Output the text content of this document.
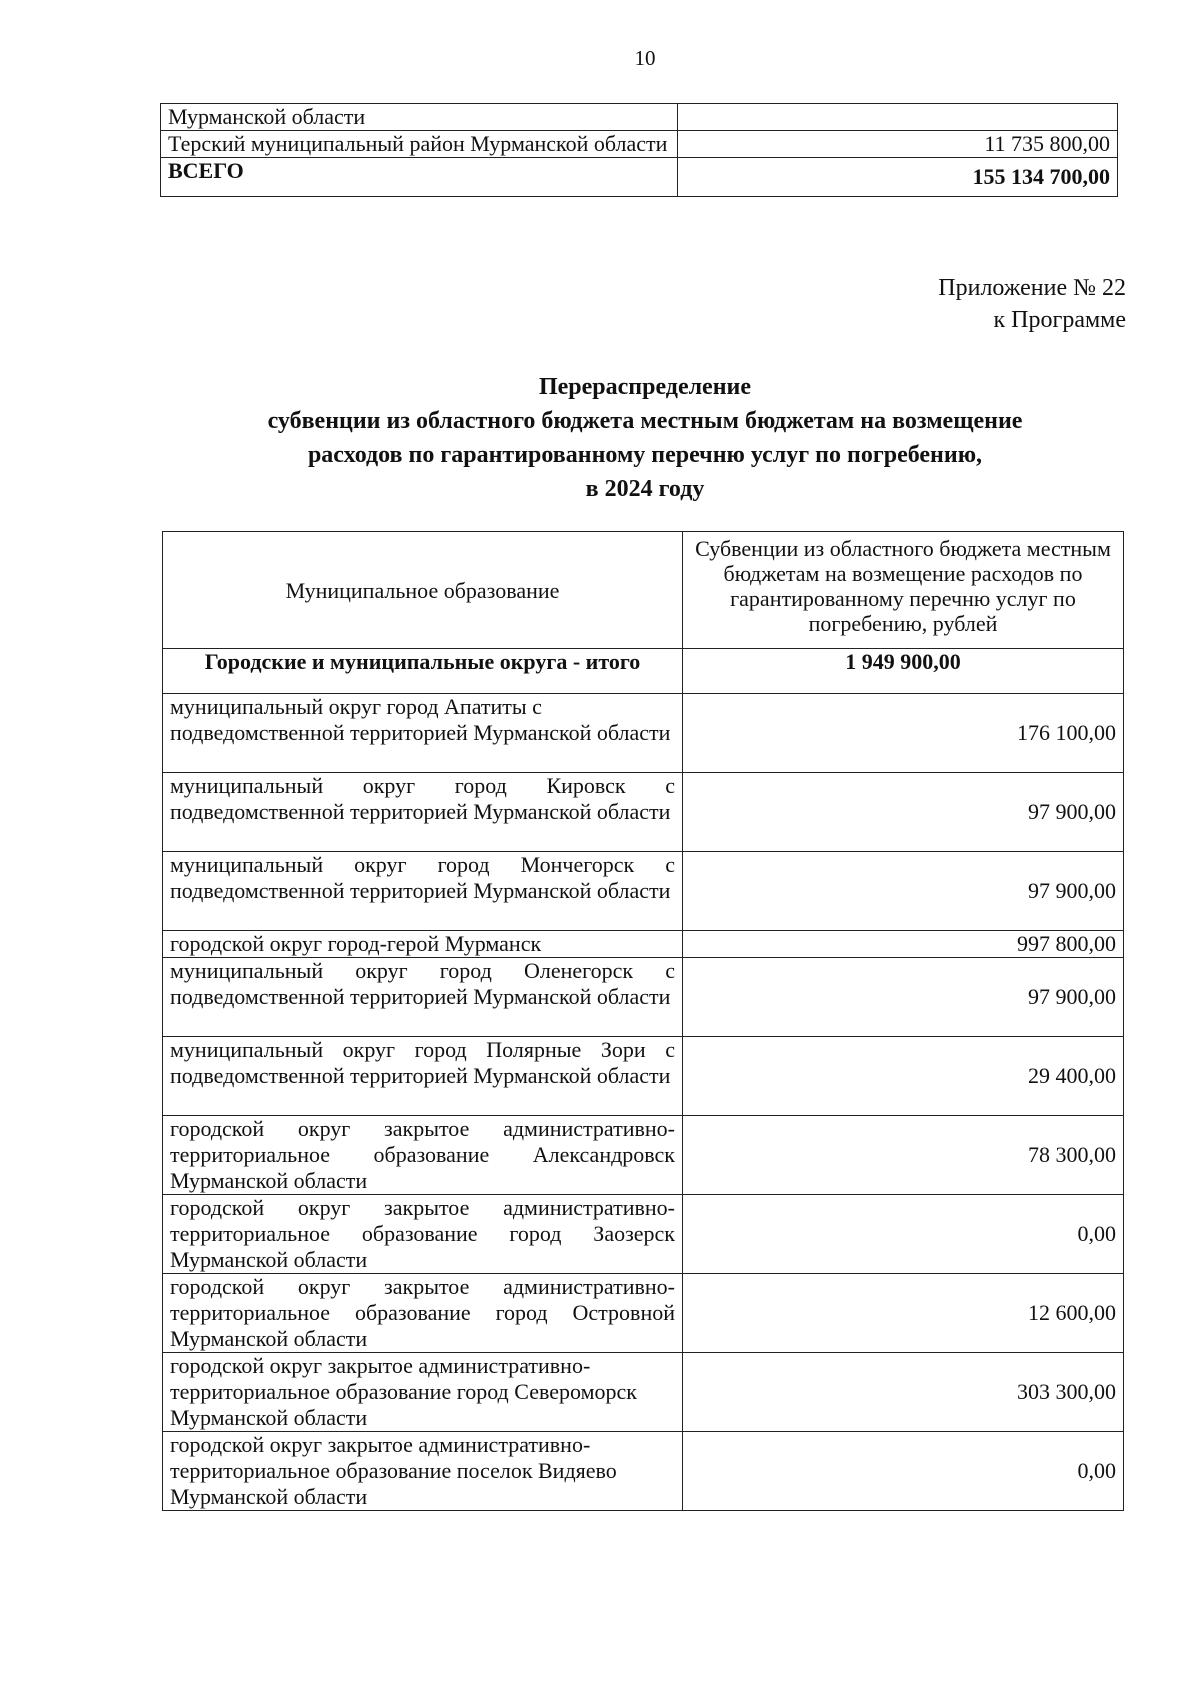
10
Мурманской области	
Терский муниципальный район Мурманской области	11 735 800,00
ВСЕГО	155 134 700,00
Приложение № 22
к Программе
Перераспределение
субвенции из областного бюджета местным бюджетам на возмещение
расходов по гарантированному перечню услуг по погребению,
в 2024 году
Муниципальное образование	Субвенции из областного бюджета местным бюджетам на возмещение расходов по гарантированному перечню услуг по погребению, рублей
Городские и муниципальные округа - итого	1 949 900,00
муниципальный округ город Апатиты с подведомственной территорией Мурманской области	176 100,00
муниципальный округ город Кировск с подведомственной территорией Мурманской области	97 900,00
муниципальный округ город Мончегорск с подведомственной территорией Мурманской области	97 900,00
городской округ город-герой Мурманск	997 800,00
муниципальный округ город Оленегорск с подведомственной территорией Мурманской области	97 900,00
муниципальный округ город Полярные Зори с подведомственной территорией Мурманской области	29 400,00
городской округ закрытое административно-территориальное образование Александровск Мурманской области	78 300,00
городской округ закрытое административно-территориальное образование город Заозерск Мурманской области	0,00
городской округ закрытое административно-территориальное образование город Островной Мурманской области	12 600,00
городской округ закрытое административно-территориальное образование город Североморск Мурманской области	303 300,00
городской округ закрытое административно-территориальное образование поселок Видяево Мурманской области	0,00
